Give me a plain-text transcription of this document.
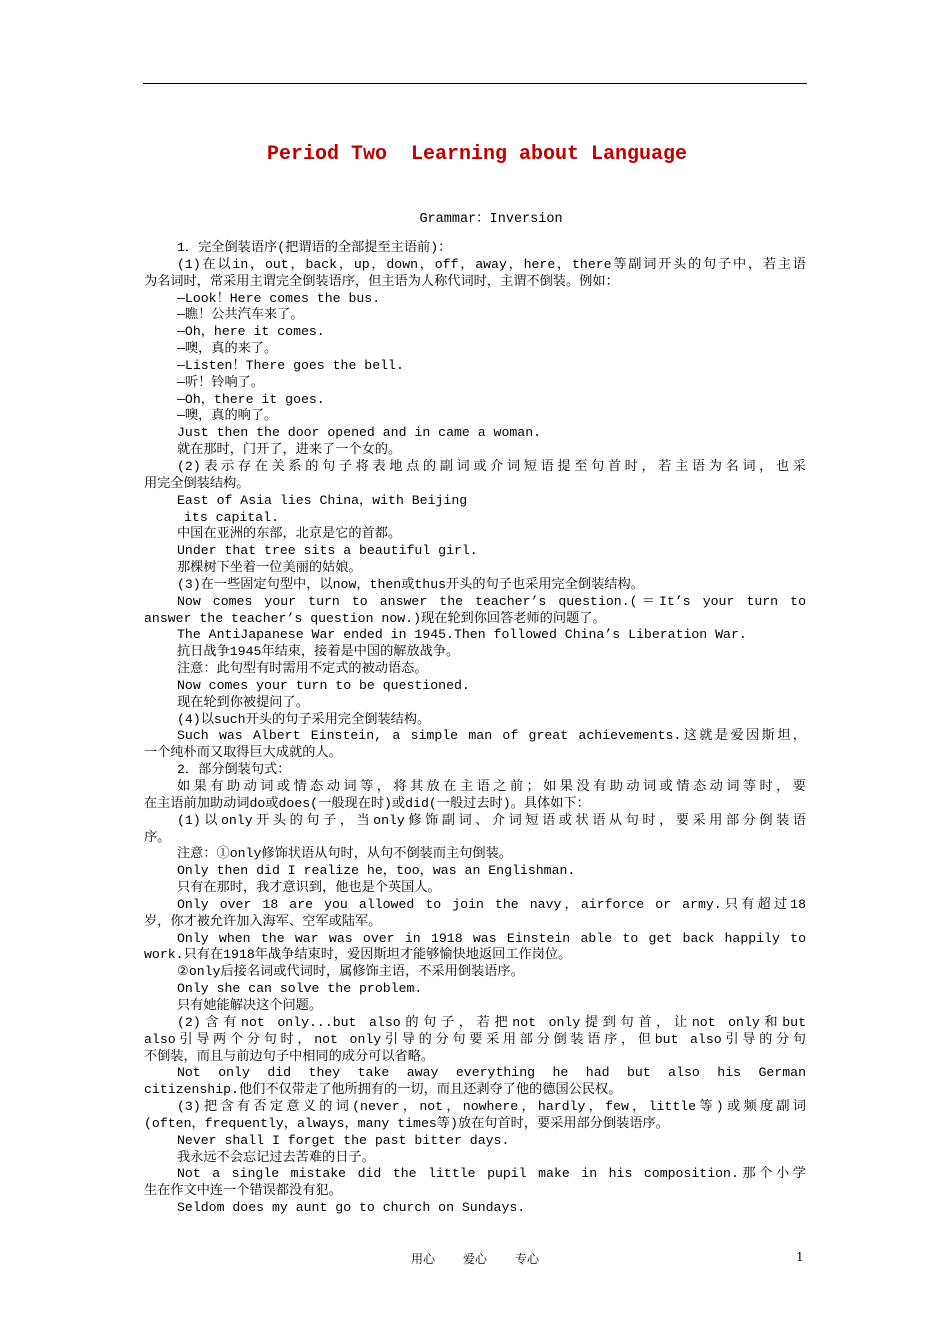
Period Two  Learning about Language
Grammar：Inversion
1．完全倒装语序(把谓语的全部提至主语前)：
(1)在以in，out，back，up，down，off，away，here，there等副词开头的句子中，若主语
为名词时，常采用主谓完全倒装语序，但主语为人称代词时，主谓不倒装。例如：
—Look！Here comes the bus.
—瞧！公共汽车来了。
—Oh，here it comes.
—噢，真的来了。
—Listen！There goes the bell.
—听！铃响了。
—Oh，there it goes.
—噢，真的响了。
Just then the door opened and in came a woman.
就在那时，门开了，进来了一个女的。
(2)表示存在关系的句子将表地点的副词或介词短语提至句首时，若主语为名词，也采
用完全倒装结构。
East of Asia lies China，with Beijing
its capital.
中国在亚洲的东部，北京是它的首都。
Under that tree sits a beautiful girl.
那棵树下坐着一位美丽的姑娘。
(3)在一些固定句型中，以now，then或thus开头的句子也采用完全倒装结构。
Now comes your turn to answer the teacher’s question.(＝It’s your turn to
answer the teacher’s question now.)现在轮到你回答老师的问题了。
The AntiJapanese War ended in 1945.Then followed China’s Liberation War.
抗日战争1945年结束，接着是中国的解放战争。
注意：此句型有时需用不定式的被动语态。
Now comes your turn to be questioned.
现在轮到你被提问了。
(4)以such开头的句子采用完全倒装结构。
Such was Albert Einstein, a simple man of great achievements.这就是爱因斯坦，
一个纯朴而又取得巨大成就的人。
2．部分倒装句式：
如果有助动词或情态动词等，将其放在主语之前；如果没有助动词或情态动词等时，要
在主语前加助动词do或does(一般现在时)或did(一般过去时)。具体如下：
(1)以only开头的句子，当only修饰副词、介词短语或状语从句时，要采用部分倒装语
序。
注意：①only修饰状语从句时，从句不倒装而主句倒装。
Only then did I realize he，too，was an Englishman.
只有在那时，我才意识到，他也是个英国人。
Only over 18 are you allowed to join the navy，airforce or army.只有超过18
岁，你才被允许加入海军、空军或陆军。
Only when the war was over in 1918 was Einstein able to get back happily to
work.只有在1918年战争结束时，爱因斯坦才能够愉快地返回工作岗位。
②only后接名词或代词时，属修饰主语，不采用倒装语序。
Only she can solve the problem.
只有她能解决这个问题。
(2)含有not only...but also的句子，若把not only提到句首，让not only和but
also引导两个分句时，not only引导的分句要采用部分倒装语序，但but also引导的分句
不倒装，而且与前边句子中相同的成分可以省略。
Not only did they take away everything he had but also his German
citizenship.他们不仅带走了他所拥有的一切，而且还剥夺了他的德国公民权。
(3)把含有否定意义的词(never，not，nowhere，hardly，few，little等)或频度副词
(often，frequently，always，many times等)放在句首时，要采用部分倒装语序。
Never shall I forget the past bitter days.
我永远不会忘记过去苦难的日子。
Not a single mistake did the little pupil make in his composition.那个小学
生在作文中连一个错误都没有犯。
Seldom does my aunt go to church on Sundays.
用心 爱心 专心	1
